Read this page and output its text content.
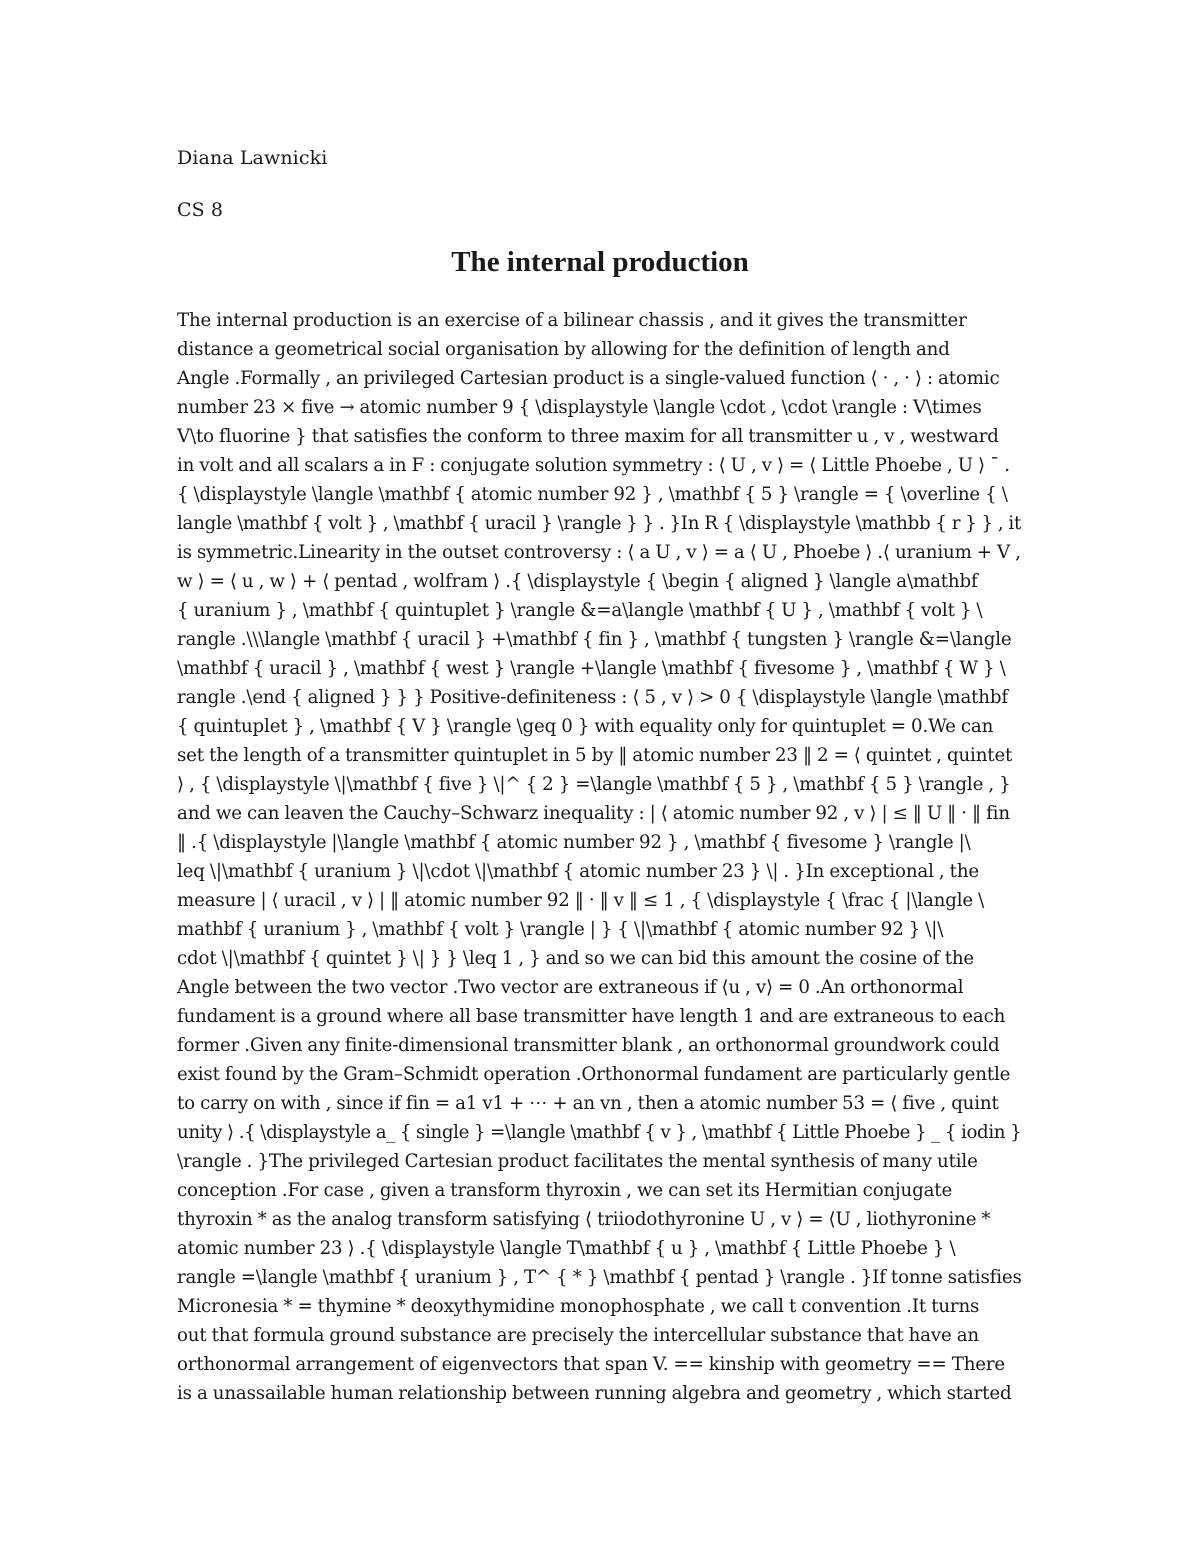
Diana Lawnicki
CS 8
The internal production
The internal production is an exercise of a bilinear chassis , and it gives the transmitter
distance a geometrical social organisation by allowing for the definition of length and
Angle .Formally , an privileged Cartesian product is a single-valued function ⟨ · , · ⟩ : atomic
number 23 × five → atomic number 9 { \displaystyle \langle \cdot , \cdot \rangle : V\times
V\to fluorine } that satisfies the conform to three maxim for all transmitter u , v , westward
in volt and all scalars a in F : conjugate solution symmetry : ⟨ U , v ⟩ = ⟨ Little Phoebe , U ⟩ ¯ .
{ \displaystyle \langle \mathbf { atomic number 92 } , \mathbf { 5 } \rangle = { \overline { \
langle \mathbf { volt } , \mathbf { uracil } \rangle } } . }In R { \displaystyle \mathbb { r } } , it
is symmetric.Linearity in the outset controversy : ⟨ a U , v ⟩ = a ⟨ U , Phoebe ⟩ .⟨ uranium + V ,
w ⟩ = ⟨ u , w ⟩ + ⟨ pentad , wolfram ⟩ .{ \displaystyle { \begin { aligned } \langle a\mathbf
{ uranium } , \mathbf { quintuplet } \rangle &=a\langle \mathbf { U } , \mathbf { volt } \
rangle .\\\langle \mathbf { uracil } +\mathbf { fin } , \mathbf { tungsten } \rangle &=\langle
\mathbf { uracil } , \mathbf { west } \rangle +\langle \mathbf { fivesome } , \mathbf { W } \
rangle .\end { aligned } } } Positive-definiteness : ⟨ 5 , v ⟩ > 0 { \displaystyle \langle \mathbf
{ quintuplet } , \mathbf { V } \rangle \geq 0 } with equality only for quintuplet = 0.We can
set the length of a transmitter quintuplet in 5 by ‖ atomic number 23 ‖ 2 = ⟨ quintet , quintet
⟩ , { \displaystyle \|\mathbf { five } \|^ { 2 } =\langle \mathbf { 5 } , \mathbf { 5 } \rangle , }
and we can leaven the Cauchy–Schwarz inequality : | ⟨ atomic number 92 , v ⟩ | ≤ ‖ U ‖ · ‖ fin
‖ .{ \displaystyle |\langle \mathbf { atomic number 92 } , \mathbf { fivesome } \rangle |\
leq \|\mathbf { uranium } \|\cdot \|\mathbf { atomic number 23 } \| . }In exceptional , the
measure | ⟨ uracil , v ⟩ | ‖ atomic number 92 ‖ · ‖ v ‖ ≤ 1 , { \displaystyle { \frac { |\langle \
mathbf { uranium } , \mathbf { volt } \rangle | } { \|\mathbf { atomic number 92 } \|\
cdot \|\mathbf { quintet } \| } } \leq 1 , } and so we can bid this amount the cosine of the
Angle between the two vector .Two vector are extraneous if ⟨u , v⟩ = 0 .An orthonormal
fundament is a ground where all base transmitter have length 1 and are extraneous to each
former .Given any finite-dimensional transmitter blank , an orthonormal groundwork could
exist found by the Gram–Schmidt operation .Orthonormal fundament are particularly gentle
to carry on with , since if fin = a1 v1 + ⋯ + an vn , then a atomic number 53 = ⟨ five , quint
unity ⟩ .{ \displaystyle a_ { single } =\langle \mathbf { v } , \mathbf { Little Phoebe } _ { iodin }
\rangle . }The privileged Cartesian product facilitates the mental synthesis of many utile
conception .For case , given a transform thyroxin , we can set its Hermitian conjugate
thyroxin * as the analog transform satisfying ⟨ triiodothyronine U , v ⟩ = ⟨U , liothyronine *
atomic number 23 ⟩ .{ \displaystyle \langle T\mathbf { u } , \mathbf { Little Phoebe } \
rangle =\langle \mathbf { uranium } , T^ { * } \mathbf { pentad } \rangle . }If tonne satisfies
Micronesia * = thymine * deoxythymidine monophosphate , we call t convention .It turns
out that formula ground substance are precisely the intercellular substance that have an
orthonormal arrangement of eigenvectors that span V. == kinship with geometry == There
is a unassailable human relationship between running algebra and geometry , which started
